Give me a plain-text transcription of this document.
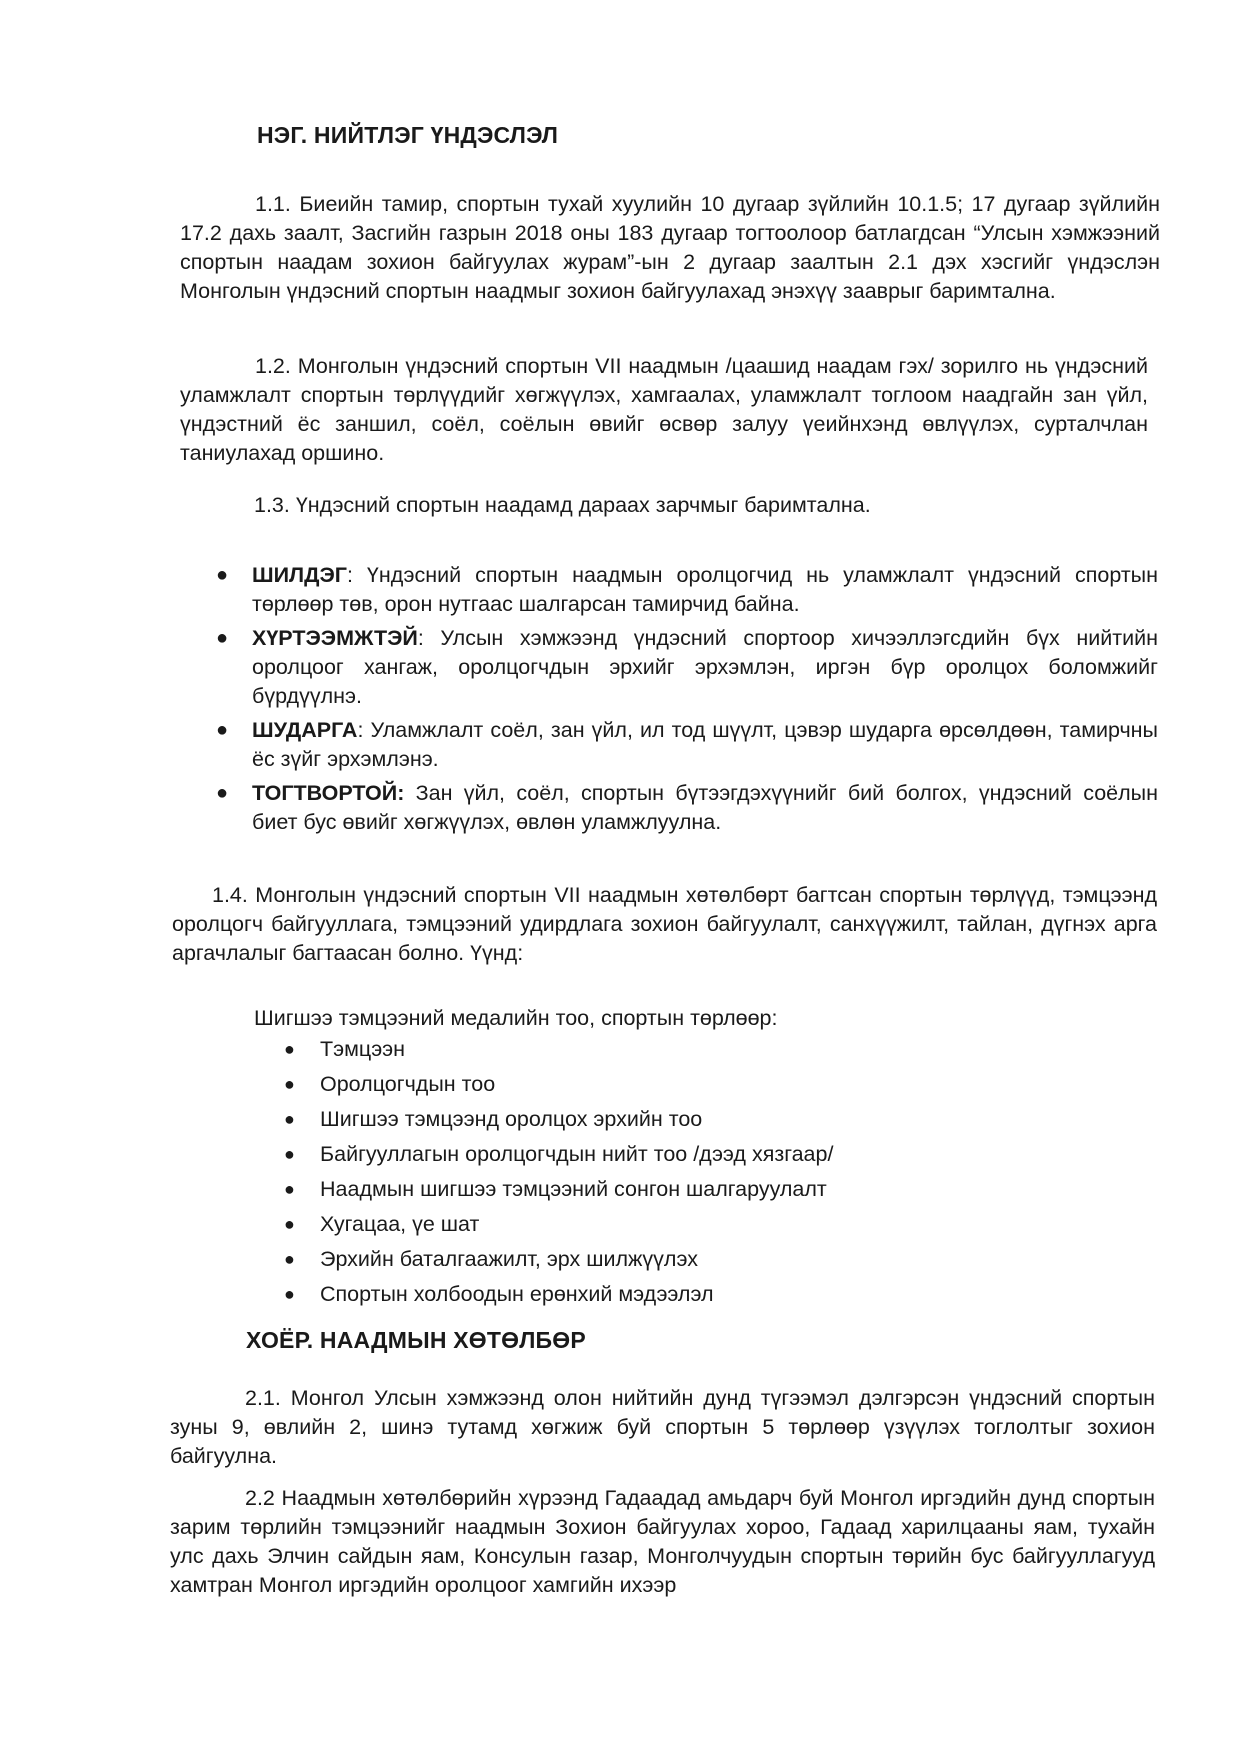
НЭГ. НИЙТЛЭГ ҮНДЭСЛЭЛ
1.1. Биеийн тамир, спортын тухай хуулийн 10 дугаар зүйлийн 10.1.5; 17 дугаар зүйлийн 17.2 дахь заалт, Засгийн газрын 2018 оны 183 дугаар тогтоолоор батлагдсан “Улсын хэмжээний спортын наадам зохион байгуулах журам”-ын 2 дугаар заалтын 2.1 дэх хэсгийг үндэслэн Монголын үндэсний спортын наадмыг зохион байгуулахад энэхүү зааврыг баримтална.
1.2. Монголын үндэсний спортын VII наадмын /цаашид наадам гэх/ зорилго нь үндэсний уламжлалт спортын төрлүүдийг хөгжүүлэх, хамгаалах, уламжлалт тоглоом наадгайн зан үйл, үндэстний ёс заншил, соёл, соёлын өвийг өсвөр залуу үеийнхэнд өвлүүлэх, сурталчлан таниулахад оршино.
1.3. Үндэсний спортын наадамд дараах зарчмыг баримтална.
● ШИЛДЭГ: Үндэсний спортын наадмын оролцогчид нь уламжлалт үндэсний спортын төрлөөр төв, орон нутгаас шалгарсан тамирчид байна.
● ХҮРТЭЭМЖТЭЙ: Улсын хэмжээнд үндэсний спортоор хичээллэгсдийн бүх нийтийн оролцоог хангаж, оролцогчдын эрхийг эрхэмлэн, иргэн бүр оролцох боломжийг бүрдүүлнэ.
● ШУДАРГА: Уламжлалт соёл, зан үйл, ил тод шүүлт, цэвэр шударга өрсөлдөөн, тамирчны ёс зүйг эрхэмлэнэ.
● ТОГТВОРТОЙ: Зан үйл, соёл, спортын бүтээгдэхүүнийг бий болгох, үндэсний соёлын биет бус өвийг хөгжүүлэх, өвлөн уламжлуулна.
1.4. Монголын үндэсний спортын VII наадмын хөтөлбөрт багтсан спортын төрлүүд, тэмцээнд оролцогч байгууллага, тэмцээний удирдлага зохион байгуулалт, санхүүжилт, тайлан, дүгнэх арга аргачлалыг багтаасан болно. Үүнд:
Шигшээ тэмцээний медалийн тоо, спортын төрлөөр:
● Тэмцээн
● Оролцогчдын тоо
● Шигшээ тэмцээнд оролцох эрхийн тоо
● Байгууллагын оролцогчдын нийт тоо /дээд хязгаар/
● Наадмын шигшээ тэмцээний сонгон шалгаруулалт
● Хугацаа, үе шат
● Эрхийн баталгаажилт, эрх шилжүүлэх
● Спортын холбоодын ерөнхий мэдээлэл
ХОЁР. НААДМЫН ХӨТӨЛБӨР
2.1. Монгол Улсын хэмжээнд олон нийтийн дунд түгээмэл дэлгэрсэн үндэсний спортын зуны 9, өвлийн 2, шинэ тутамд хөгжиж буй спортын 5 төрлөөр үзүүлэх тоглолтыг зохион байгуулна.
2.2 Наадмын хөтөлбөрийн хүрээнд Гадаадад амьдарч буй Монгол иргэдийн дунд спортын зарим төрлийн тэмцээнийг наадмын Зохион байгуулах хороо, Гадаад харилцааны яам, тухайн улс дахь Элчин сайдын яам, Консулын газар, Монголчуудын спортын төрийн бус байгууллагууд хамтран Монгол иргэдийн оролцоог хамгийн ихээр
